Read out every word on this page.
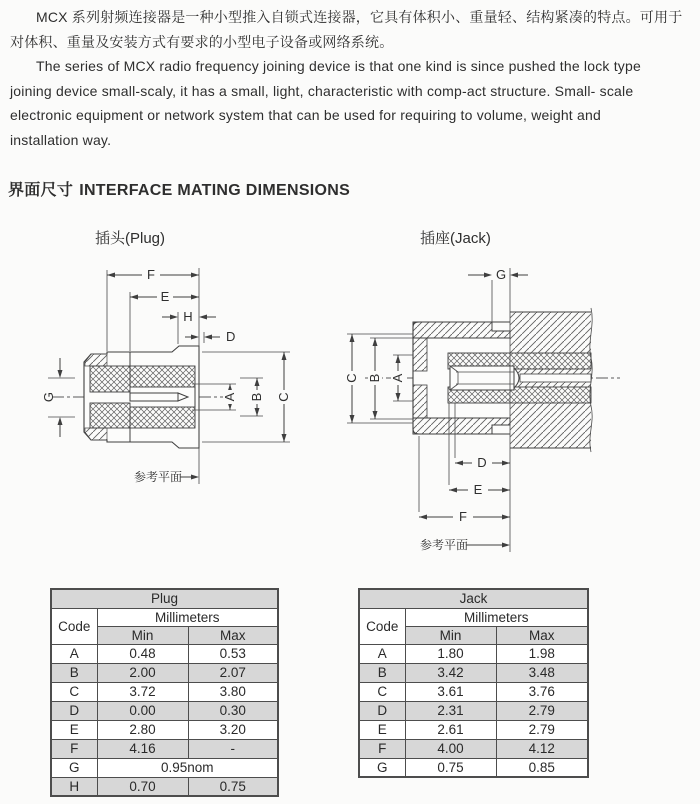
MCX 系列射频连接器是一种小型推入自锁式连接器，它具有体积小、重量轻、结构紧凑的特点。可用于
对体积、重量及安装方式有要求的小型电子设备或网络系统。
The series of MCX radio frequency joining device is that one kind is since pushed the lock type
joining device small-scaly, it has a small, light, characteristic with comp-act structure. Small- scale
electronic equipment or network system that can be used for requiring to volume, weight and
installation way.
界面尺寸 INTERFACE MATING DIMENSIONS
插头(Plug)	插座(Jack)
F
E
H
D
G	A B C
参考平面
G
C B A
D
E
F
参考平面
Plug		
Code	Millimeters	
	Min	Max
A	0.48	0.53
B	2.00	2.07
C	3.72	3.80
D	0.00	0.30
E	2.80	3.20
F	4.16	-
G	0.95nom	
H	0.70	0.75
Jack		
Code	Millimeters	
	Min	Max
A	1.80	1.98
B	3.42	3.48
C	3.61	3.76
D	2.31	2.79
E	2.61	2.79
F	4.00	4.12
G	0.75	0.85
